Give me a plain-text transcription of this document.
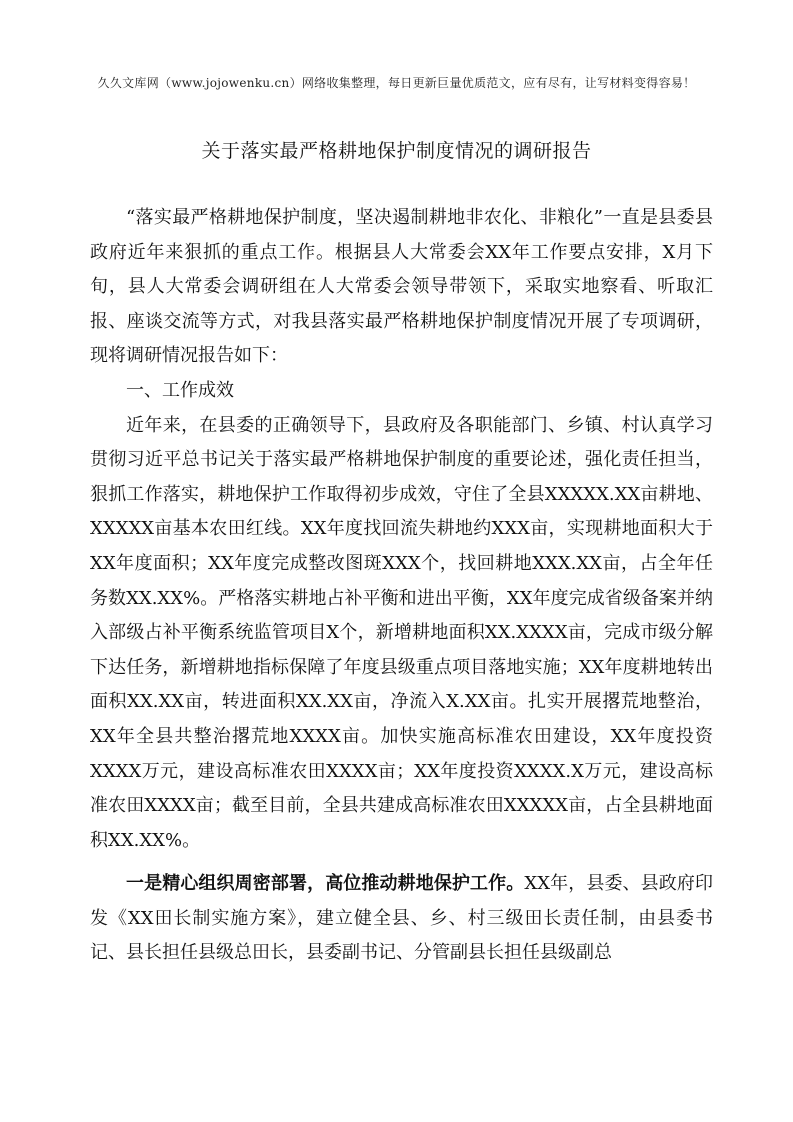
久久文库网（www.jojowenku.cn）网络收集整理，每日更新巨量优质范文，应有尽有，让写材料变得容易！
关于落实最严格耕地保护制度情况的调研报告

“落实最严格耕地保护制度，坚决遏制耕地非农化、非粮化”一直是县委县政府近年来狠抓的重点工作。根据县人大常委会XX年工作要点安排，X月下旬，县人大常委会调研组在人大常委会领导带领下，采取实地察看、听取汇报、座谈交流等方式，对我县落实最严格耕地保护制度情况开展了专项调研，现将调研情况报告如下：

一、工作成效

近年来，在县委的正确领导下，县政府及各职能部门、乡镇、村认真学习贯彻习近平总书记关于落实最严格耕地保护制度的重要论述，强化责任担当，狠抓工作落实，耕地保护工作取得初步成效，守住了全县XXXXX.XX亩耕地、XXXXX亩基本农田红线。XX年度找回流失耕地约XXX亩，实现耕地面积大于XX年度面积；XX年度完成整改图斑XXX个，找回耕地XXX.XX亩，占全年任务数XX.XX%。严格落实耕地占补平衡和进出平衡，XX年度完成省级备案并纳入部级占补平衡系统监管项目X个，新增耕地面积XX.XXXX亩，完成市级分解下达任务，新增耕地指标保障了年度县级重点项目落地实施；XX年度耕地转出面积XX.XX亩，转进面积XX.XX亩，净流入X.XX亩。扎实开展撂荒地整治，XX年全县共整治撂荒地XXXX亩。加快实施高标准农田建设，XX年度投资XXXX万元，建设高标准农田XXXX亩；XX年度投资XXXX.X万元，建设高标准农田XXXX亩；截至目前，全县共建成高标准农田XXXXX亩，占全县耕地面积XX.XX%。

一是精心组织周密部署，高位推动耕地保护工作。XX年，县委、县政府印发《XX田长制实施方案》，建立健全县、乡、村三级田长责任制，由县委书记、县长担任县级总田长，县委副书记、分管副县长担任县级副总
